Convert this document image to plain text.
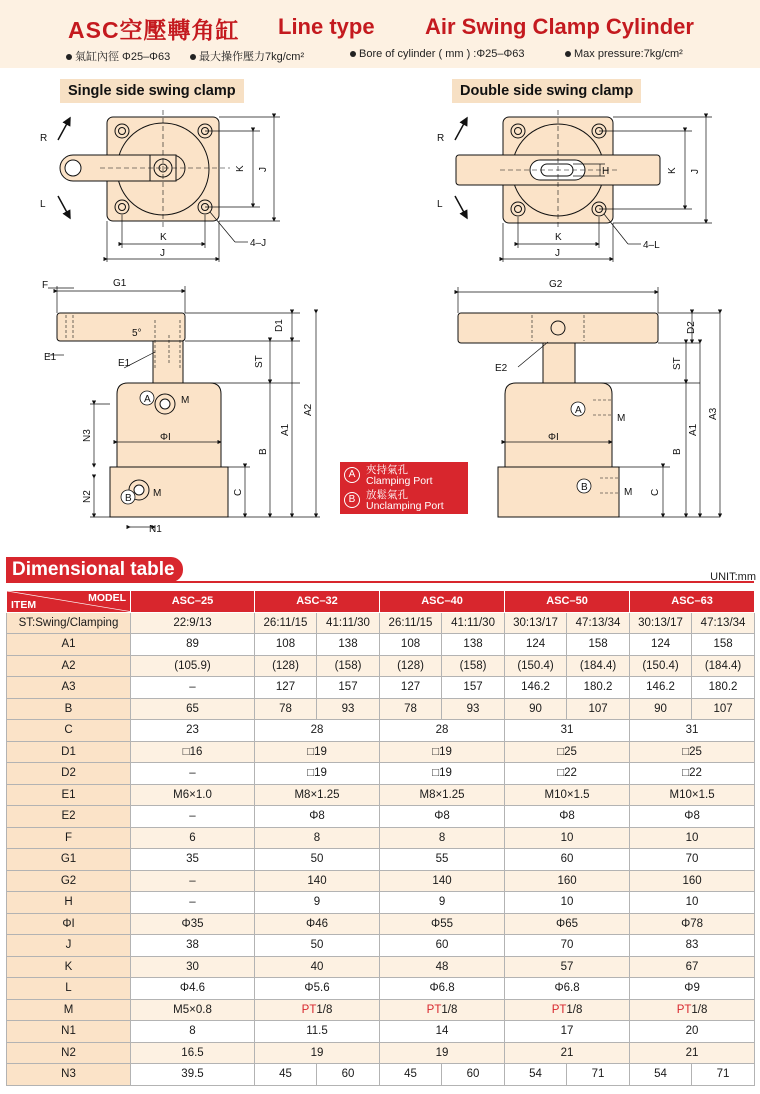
ASC空壓轉角缸 Line type Air Swing Clamp Cylinder
氣缸內徑 Φ25–Φ63	最大操作壓力7kg/cm²	Bore of cylinder ( mm ) :Φ25–Φ63	Max pressure:7kg/cm²
Single side swing clamp	Double side swing clamp
R
L
K
J
K J
4–J
R
L
K
J
H	K J
4–L
F	G1
5°
E1
E1
D1
ST
A1
A2
B
C
N3
N2
N1
ΦI
M
M
A
B
G2
E2
D2
ST
A1
A3
B
C
ΦI
M
M
A
B
A	夾持氣孔
Clamping Port
B	放鬆氣孔
Unclamping Port
Dimensional table	UNIT:mm
MODEL
ITEM	ASC–25	ASC–32		ASC–40		ASC–50		ASC–63	
ST:Swing/Clamping	22:9/13	26:11/15	41:11/30	26:11/15	41:11/30	30:13/17	47:13/34	30:13/17	47:13/34
A1	89	108	138	108	138	124	158	124	158
A2	(105.9)	(128)	(158)	(128)	(158)	(150.4)	(184.4)	(150.4)	(184.4)
A3	–	127	157	127	157	146.2	180.2	146.2	180.2
B	65	78	93	78	93	90	107	90	107
C	23	28		28		31		31	
D1	□16	□19		□19		□25		□25	
D2	–	□19		□19		□22		□22	
E1	M6×1.0	M8×1.25		M8×1.25		M10×1.5		M10×1.5	
E2	–	Φ8		Φ8		Φ8		Φ8	
F	6	8		8		10		10	
G1	35	50		55		60		70	
G2	–	140		140		160		160	
H	–	9		9		10		10	
ΦI	Φ35	Φ46		Φ55		Φ65		Φ78	
J	38	50		60		70		83	
K	30	40		48		57		67	
L	Φ4.6	Φ5.6		Φ6.8		Φ6.8		Φ9	
M	M5×0.8	PT1/8		PT1/8		PT1/8		PT1/8	
N1	8	11.5		14		17		20	
N2	16.5	19		19		21		21	
N3	39.5	45	60	45	60	54	71	54	71
